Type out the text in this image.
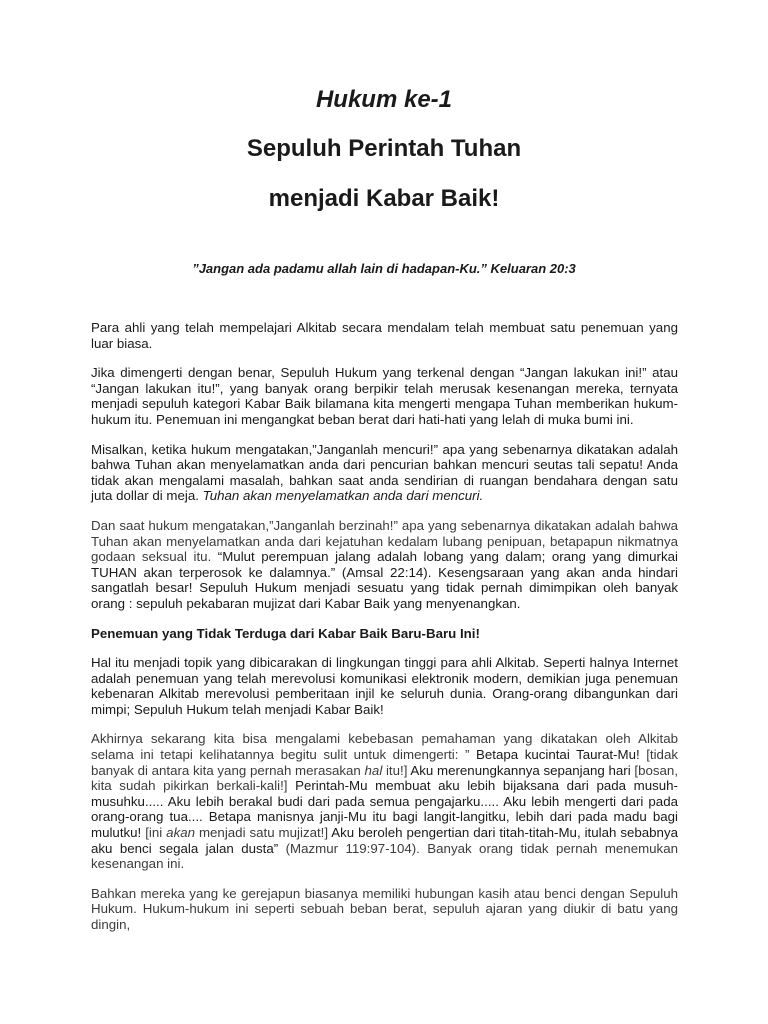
Hukum ke-1
Sepuluh Perintah Tuhan
menjadi Kabar Baik!
”Jangan ada padamu allah lain di hadapan-Ku.” Keluaran 20:3

Para ahli yang telah mempelajari Alkitab secara mendalam telah membuat satu penemuan yang luar biasa.

Jika dimengerti dengan benar, Sepuluh Hukum yang terkenal dengan “Jangan lakukan ini!” atau “Jangan lakukan itu!”, yang banyak orang berpikir telah merusak kesenangan mereka, ternyata menjadi sepuluh kategori Kabar Baik bilamana kita mengerti mengapa Tuhan memberikan hukum-hukum itu. Penemuan ini mengangkat beban berat dari hati-hati yang lelah di muka bumi ini.

Misalkan, ketika hukum mengatakan,”Janganlah mencuri!” apa yang sebenarnya dikatakan adalah bahwa Tuhan akan menyelamatkan anda dari pencurian bahkan mencuri seutas tali sepatu! Anda tidak akan mengalami masalah, bahkan saat anda sendirian di ruangan bendahara dengan satu juta dollar di meja. Tuhan akan menyelamatkan anda dari mencuri.

Dan saat hukum mengatakan,”Janganlah berzinah!” apa yang sebenarnya dikatakan adalah bahwa Tuhan akan menyelamatkan anda dari kejatuhan kedalam lubang penipuan, betapapun nikmatnya godaan seksual itu. “Mulut perempuan jalang adalah lobang yang dalam; orang yang dimurkai TUHAN akan terperosok ke dalamnya.” (Amsal 22:14). Kesengsaraan yang akan anda hindari sangatlah besar! Sepuluh Hukum menjadi sesuatu yang tidak pernah dimimpikan oleh banyak orang : sepuluh pekabaran mujizat dari Kabar Baik yang menyenangkan.

Penemuan yang Tidak Terduga dari Kabar Baik Baru-Baru Ini!

Hal itu menjadi topik yang dibicarakan di lingkungan tinggi para ahli Alkitab. Seperti halnya Internet adalah penemuan yang telah merevolusi komunikasi elektronik modern, demikian juga penemuan kebenaran Alkitab merevolusi pemberitaan injil ke seluruh dunia. Orang-orang dibangunkan dari mimpi; Sepuluh Hukum telah menjadi Kabar Baik!

Akhirnya sekarang kita bisa mengalami kebebasan pemahaman yang dikatakan oleh Alkitab selama ini tetapi kelihatannya begitu sulit untuk dimengerti: ” Betapa kucintai Taurat-Mu! [tidak banyak di antara kita yang pernah merasakan hal itu!] Aku merenungkannya sepanjang hari [bosan, kita sudah pikirkan berkali-kali!] Perintah-Mu membuat aku lebih bijaksana dari pada musuh-musuhku..... Aku lebih berakal budi dari pada semua pengajarku..... Aku lebih mengerti dari pada orang-orang tua.... Betapa manisnya janji-Mu itu bagi langit-langitku, lebih dari pada madu bagi mulutku! [ini akan menjadi satu mujizat!] Aku beroleh pengertian dari titah-titah-Mu, itulah sebabnya aku benci segala jalan dusta” (Mazmur 119:97-104). Banyak orang tidak pernah menemukan kesenangan ini.

Bahkan mereka yang ke gerejapun biasanya memiliki hubungan kasih atau benci dengan Sepuluh Hukum. Hukum-hukum ini seperti sebuah beban berat, sepuluh ajaran yang diukir di batu yang dingin,
